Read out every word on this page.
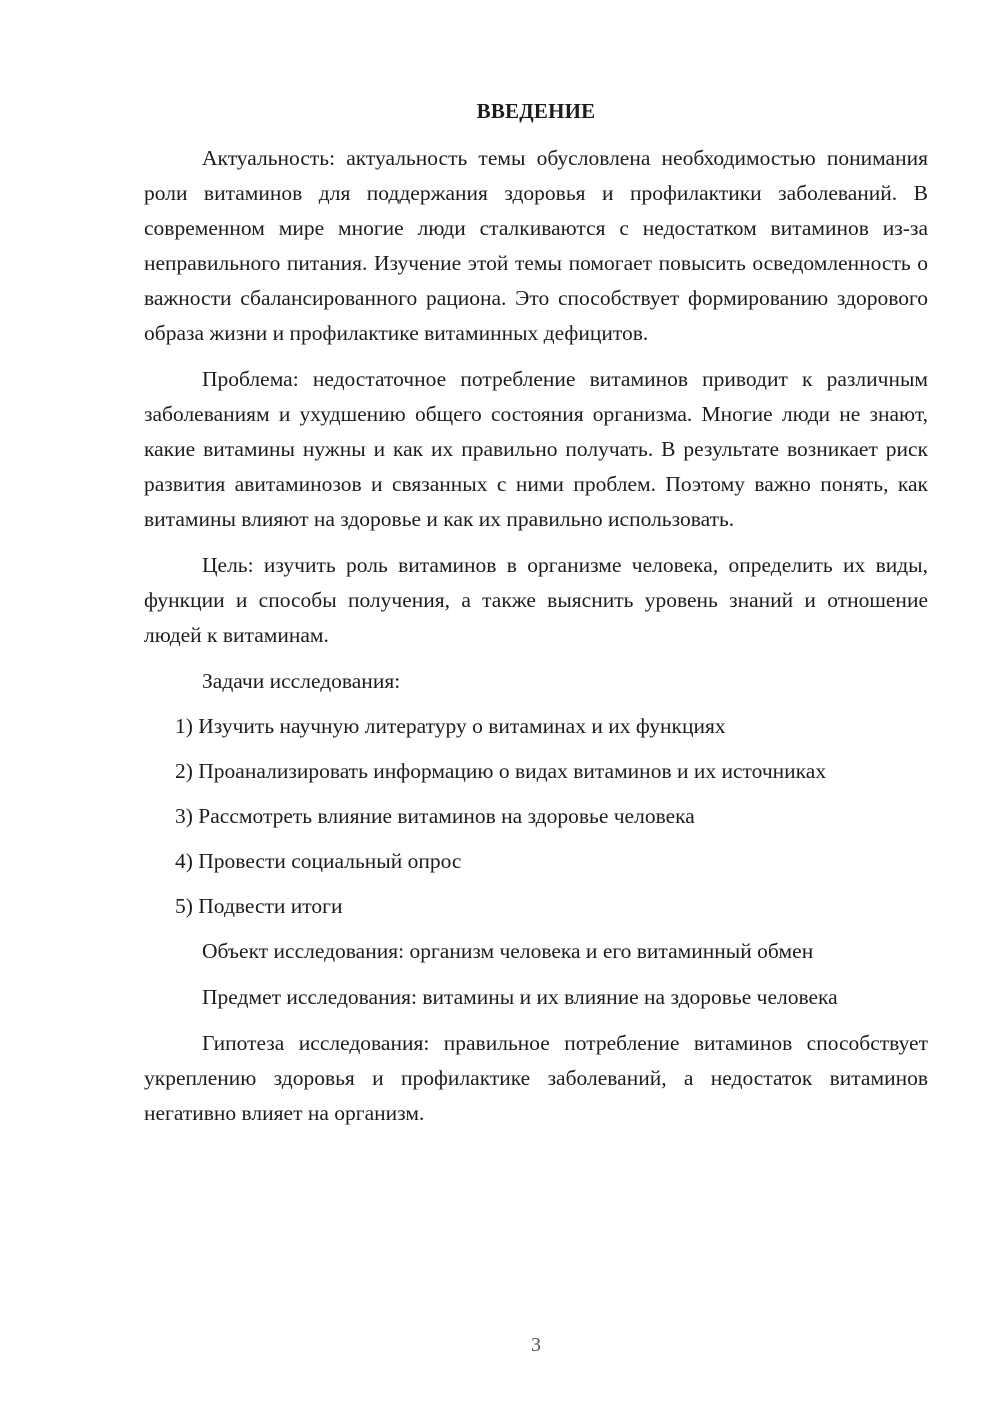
ВВЕДЕНИЕ

Актуальность: актуальность темы обусловлена необходимостью понимания роли витаминов для поддержания здоровья и профилактики заболеваний. В современном мире многие люди сталкиваются с недостатком витаминов из-за неправильного питания. Изучение этой темы помогает повысить осведомленность о важности сбалансированного рациона. Это способствует формированию здорового образа жизни и профилактике витаминных дефицитов.

Проблема: недостаточное потребление витаминов приводит к различным заболеваниям и ухудшению общего состояния организма. Многие люди не знают, какие витамины нужны и как их правильно получать. В результате возникает риск развития авитаминозов и связанных с ними проблем. Поэтому важно понять, как витамины влияют на здоровье и как их правильно использовать.

Цель: изучить роль витаминов в организме человека, определить их виды, функции и способы получения, а также выяснить уровень знаний и отношение людей к витаминам.

Задачи исследования:

1) Изучить научную литературу о витаминах и их функциях

2) Проанализировать информацию о видах витаминов и их источниках

3) Рассмотреть влияние витаминов на здоровье человека

4) Провести социальный опрос

5) Подвести итоги

Объект исследования: организм человека и его витаминный обмен

Предмет исследования: витамины и их влияние на здоровье человека

Гипотеза исследования: правильное потребление витаминов способствует укреплению здоровья и профилактике заболеваний, а недостаток витаминов негативно влияет на организм.

3
